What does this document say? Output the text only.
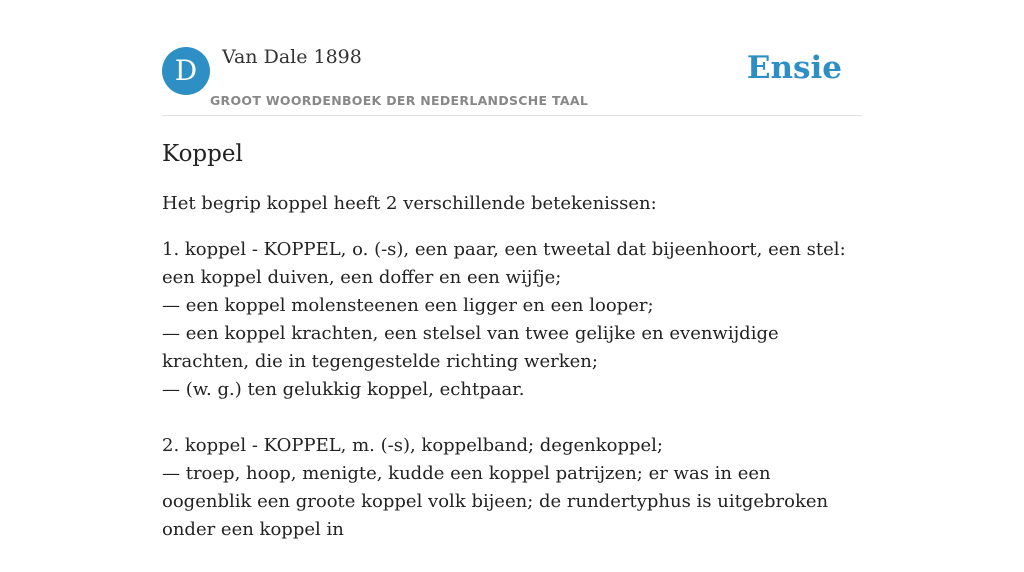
D	Van Dale 1898
GROOT WOORDENBOEK DER NEDERLANDSCHE TAAL
Ensie
Koppel

Het begrip koppel heeft 2 verschillende betekenissen:

1. koppel - KOPPEL, o. (-s), een paar, een tweetal dat bijeenhoort, een stel: een koppel duiven, een doffer en een wijfje;
— een koppel molensteenen een ligger en een looper;
— een koppel krachten, een stelsel van twee gelijke en evenwijdige krachten, die in tegengestelde richting werken;
— (w. g.) ten gelukkig koppel, echtpaar.
2. koppel - KOPPEL, m. (-s), koppelband; degenkoppel;
— troep, hoop, menigte, kudde een koppel patrijzen; er was in een oogenblik een groote koppel volk bijeen; de rundertyphus is uitgebroken onder een koppel in
